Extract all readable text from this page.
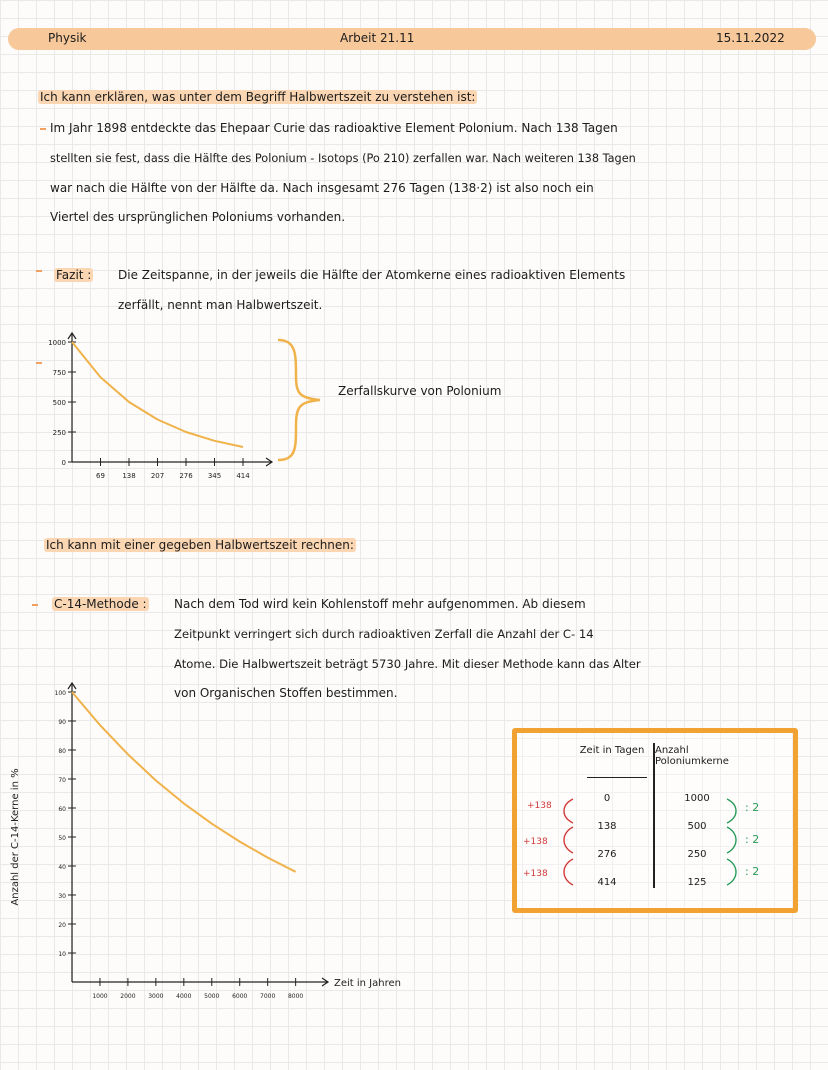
Physik	Arbeit 21.11	15.11.2022
Ich kann erklären, was unter dem Begriff Halbwertszeit zu verstehen ist:
Im Jahr 1898 entdeckte das Ehepaar Curie das radioaktive Element Polonium. Nach 138 Tagen
stellten sie fest, dass die Hälfte des Polonium - Isotops (Po 210) zerfallen war. Nach weiteren 138 Tagen
war nach die Hälfte von der Hälfte da. Nach insgesamt 276 Tagen (138·2) ist also noch ein
Viertel des ursprünglichen Poloniums vorhanden.
Fazit : Die Zeitspanne, in der jeweils die Hälfte der Atomkerne eines radioaktiven Elements
zerfällt, nennt man Halbwertszeit.
1000
750
500
250
0
69 138 207 276 345 414
Zerfallskurve von Polonium
Ich kann mit einer gegeben Halbwertszeit rechnen:
C-14-Methode : Nach dem Tod wird kein Kohlenstoff mehr aufgenommen. Ab diesem
Zeitpunkt verringert sich durch radioaktiven Zerfall die Anzahl der C- 14
Atome. Die Halbwertszeit beträgt 5730 Jahre. Mit dieser Methode kann das Alter
von Organischen Stoffen bestimmen.
100
90
80
70
60
50
40
30
20
10
1000 2000 3000 4000 5000 6000 7000 8000
Zeit in Jahren
Anzahl der C-14-Kerne in %
Zeit in Tagen Anzahl Poloniumkerne
0
138
276
414
1000
500
250
125
+138
+138
+138
: 2
: 2
: 2
